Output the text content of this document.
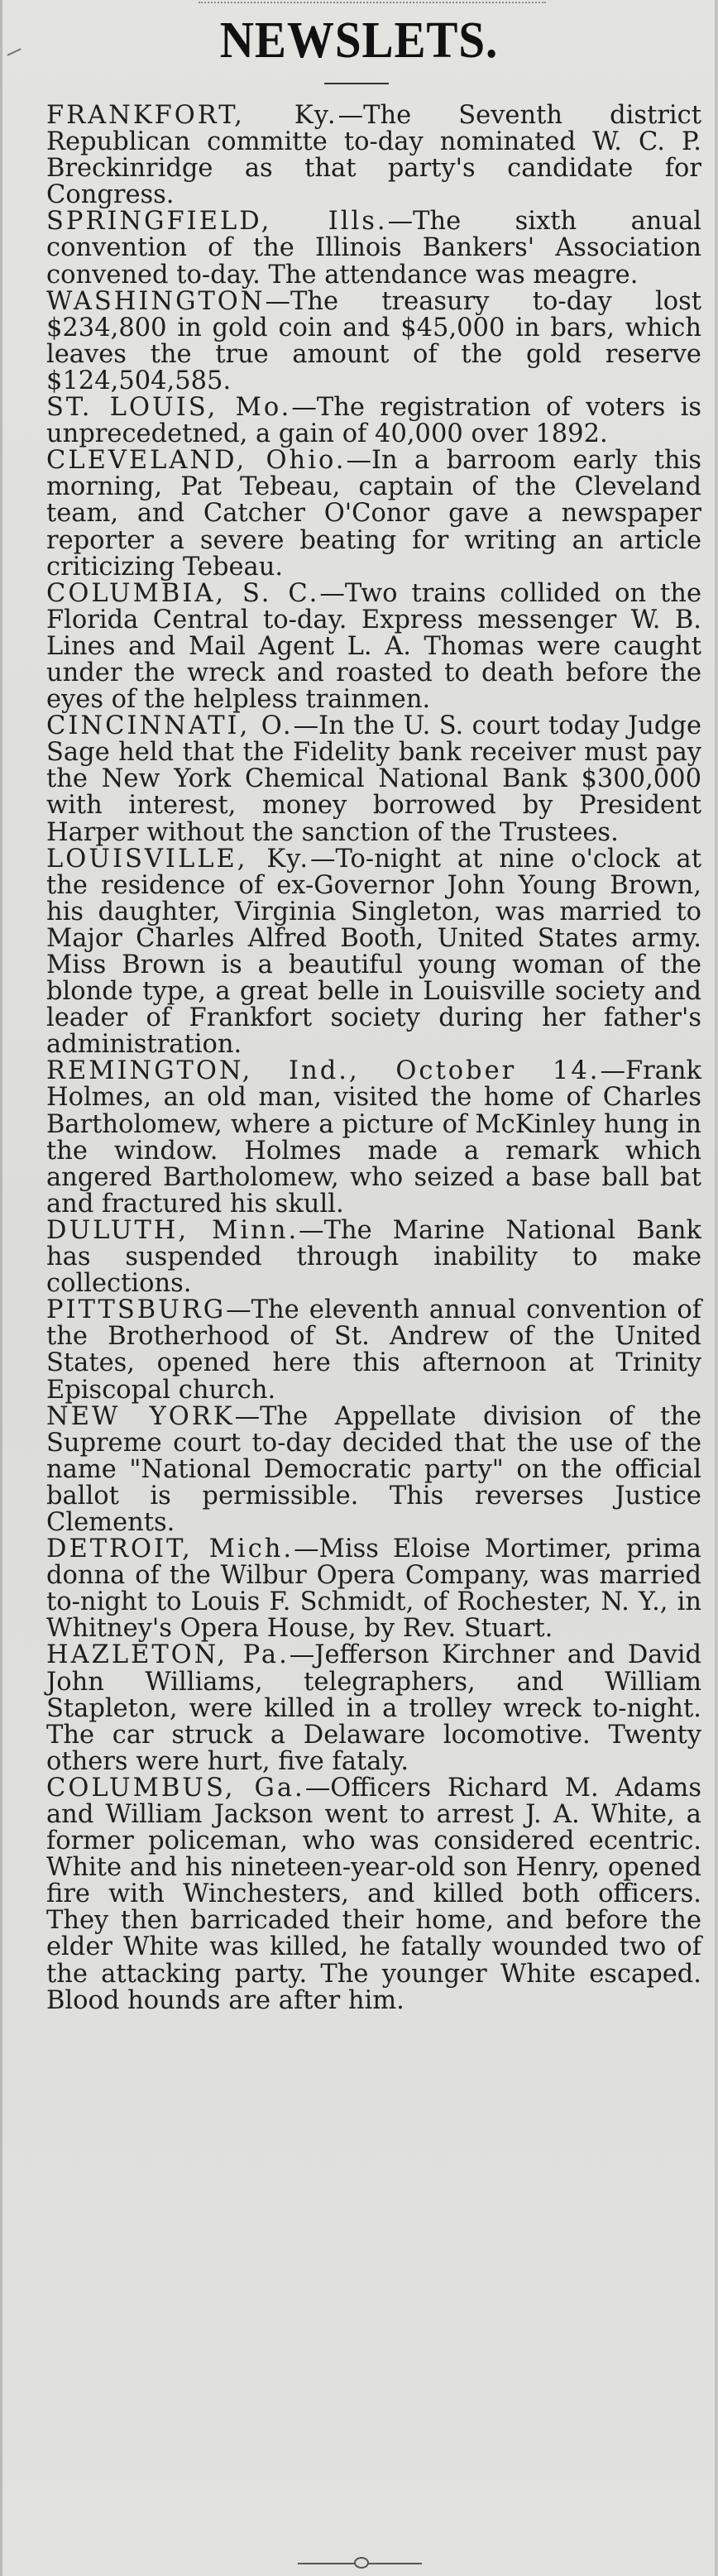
NEWSLETS.

FRANKFORT, Ky.—The Seventh district Republican committe to-day nominated W. C. P. Breckinridge as that party's candidate for Congress.

SPRINGFIELD, Ills.—The sixth anual convention of the Illinois Bankers' Association convened to-day. The attendance was meagre.

WASHINGTON—The treasury to-day lost $234,800 in gold coin and $45,000 in bars, which leaves the true amount of the gold reserve $124,504,585.

ST. LOUIS, Mo.—The registration of voters is unprecedetned, a gain of 40,000 over 1892.

CLEVELAND, Ohio.—In a barroom early this morning, Pat Tebeau, captain of the Cleveland team, and Catcher O'Conor gave a newspaper reporter a severe beating for writing an article criticizing Tebeau.

COLUMBIA, S. C.—Two trains collided on the Florida Central to-day. Express messenger W. B. Lines and Mail Agent L. A. Thomas were caught under the wreck and roasted to death before the eyes of the helpless trainmen.

CINCINNATI, O.—In the U. S. court today Judge Sage held that the Fidelity bank receiver must pay the New York Chemical National Bank $300,000 with interest, money borrowed by President Harper without the sanction of the Trustees.

LOUISVILLE, Ky.—To-night at nine o'clock at the residence of ex-Governor John Young Brown, his daughter, Virginia Singleton, was married to Major Charles Alfred Booth, United States army. Miss Brown is a beautiful young woman of the blonde type, a great belle in Louisville society and leader of Frankfort society during her father's administration.

REMINGTON, Ind., October 14.—Frank Holmes, an old man, visited the home of Charles Bartholomew, where a picture of McKinley hung in the window. Holmes made a remark which angered Bartholomew, who seized a base ball bat and fractured his skull.

DULUTH, Minn.—The Marine National Bank has suspended through inability to make collections.

PITTSBURG—The eleventh annual convention of the Brotherhood of St. Andrew of the United States, opened here this afternoon at Trinity Episcopal church.

NEW YORK—The Appellate division of the Supreme court to-day decided that the use of the name "National Democratic party" on the official ballot is permissible. This reverses Justice Clements.

DETROIT, Mich.—Miss Eloise Mortimer, prima donna of the Wilbur Opera Company, was married to-night to Louis F. Schmidt, of Rochester, N. Y., in Whitney's Opera House, by Rev. Stuart.

HAZLETON, Pa.—Jefferson Kirchner and David John Williams, telegraphers, and William Stapleton, were killed in a trolley wreck to-night. The car struck a Delaware locomotive. Twenty others were hurt, five fataly.

COLUMBUS, Ga.—Officers Richard M. Adams and William Jackson went to arrest J. A. White, a former policeman, who was considered ecentric. White and his nineteen-year-old son Henry, opened fire with Winchesters, and killed both officers. They then barricaded their home, and before the elder White was killed, he fatally wounded two of the attacking party. The younger White escaped. Blood hounds are after him.
